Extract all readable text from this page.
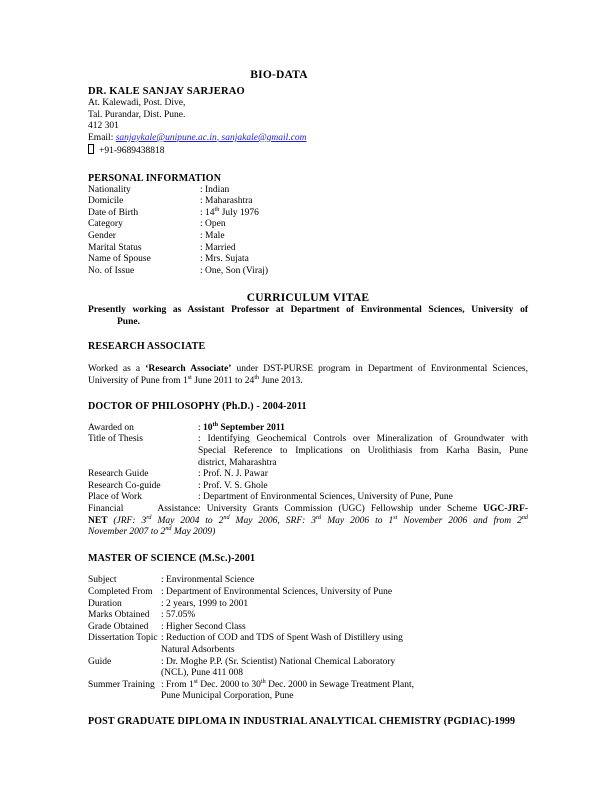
BIO-DATA
DR. KALE SANJAY SARJERAO
At. Kalewadi, Post. Dive,
Tal. Purandar, Dist. Pune.
412 301
Email: sanjaykale@unipune.ac.in, sanjakale@gmail.com
+91-9689438818
PERSONAL INFORMATION
Nationality	: Indian
Domicile	: Maharashtra
Date of Birth	: 14th July 1976
Category	: Open
Gender	: Male
Marital Status	: Married
Name of Spouse	: Mrs. Sujata
No. of Issue	: One, Son (Viraj)
CURRICULUM VITAE
Presently working as Assistant Professor at Department of Environmental Sciences, University of
Pune.
RESEARCH ASSOCIATE
Worked as a ‘Research Associate’ under DST-PURSE program in Department of Environmental Sciences,
University of Pune from 1st June 2011 to 24th June 2013.
DOCTOR OF PHILOSOPHY (Ph.D.) - 2004-2011
Awarded on	: 10th September 2011
Title of Thesis	: Identifying Geochemical Controls over Mineralization of Groundwater with
Special Reference to Implications on Urolithiasis from Karha Basin, Pune
district, Maharashtra
Research Guide	: Prof. N. J. Pawar
Research Co-guide	: Prof. V. S. Ghole
Place of Work	: Department of Environmental Sciences, University of Pune, Pune
Financial Assistance: University Grants Commission (UGC) Fellowship under Scheme UGC-JRF-
NET (JRF: 3rd May 2004 to 2nd May 2006, SRF: 3rd May 2006 to 1st November 2006 and from 2nd
November 2007 to 2nd May 2009)
MASTER OF SCIENCE (M.Sc.)-2001
Subject	: Environmental Science
Completed From : Department of Environmental Sciences, University of Pune
Duration	: 2 years, 1999 to 2001
Marks Obtained	: 57.05%
Grade Obtained	: Higher Second Class
Dissertation Topic : Reduction of COD and TDS of Spent Wash of Distillery using
Natural Adsorbents
Guide	: Dr. Moghe P.P. (Sr. Scientist) National Chemical Laboratory
(NCL), Pune 411 008
Summer Training : From 1st Dec. 2000 to 30th Dec. 2000 in Sewage Treatment Plant,
Pune Municipal Corporation, Pune
POST GRADUATE DIPLOMA IN INDUSTRIAL ANALYTICAL CHEMISTRY (PGDIAC)-1999
